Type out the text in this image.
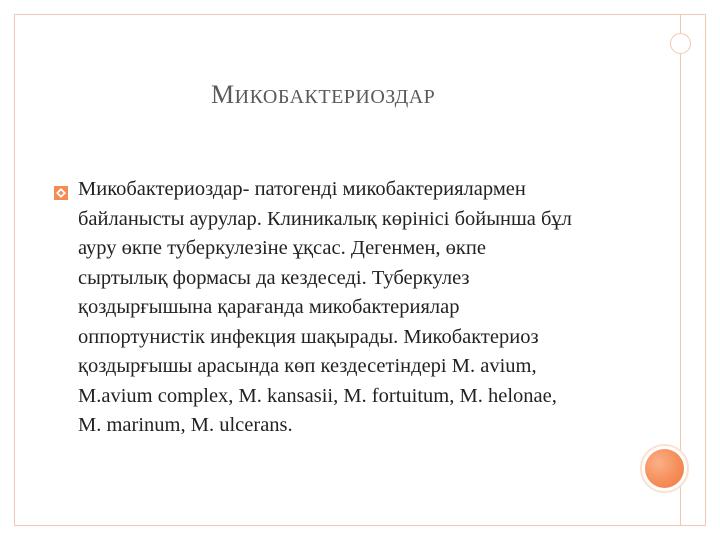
МИКОБАКТЕРИОЗДАР
Микобактериоздар- патогенді микобактериялармен
байланысты аурулар. Клиникалық көрінісі бойынша бұл
ауру өкпе туберкулезіне ұқсас. Дегенмен, өкпе
сыртылық формасы да кездеседі. Туберкулез
қоздырғышына қарағанда микобактериялар
оппортунистік инфекция шақырады. Микобактериоз
қоздырғышы арасында көп кездесетіндері M. avium,
M.avium complex, M. kansasii, M. fortuitum, M. helonae,
M. marinum, M. ulcerans.
